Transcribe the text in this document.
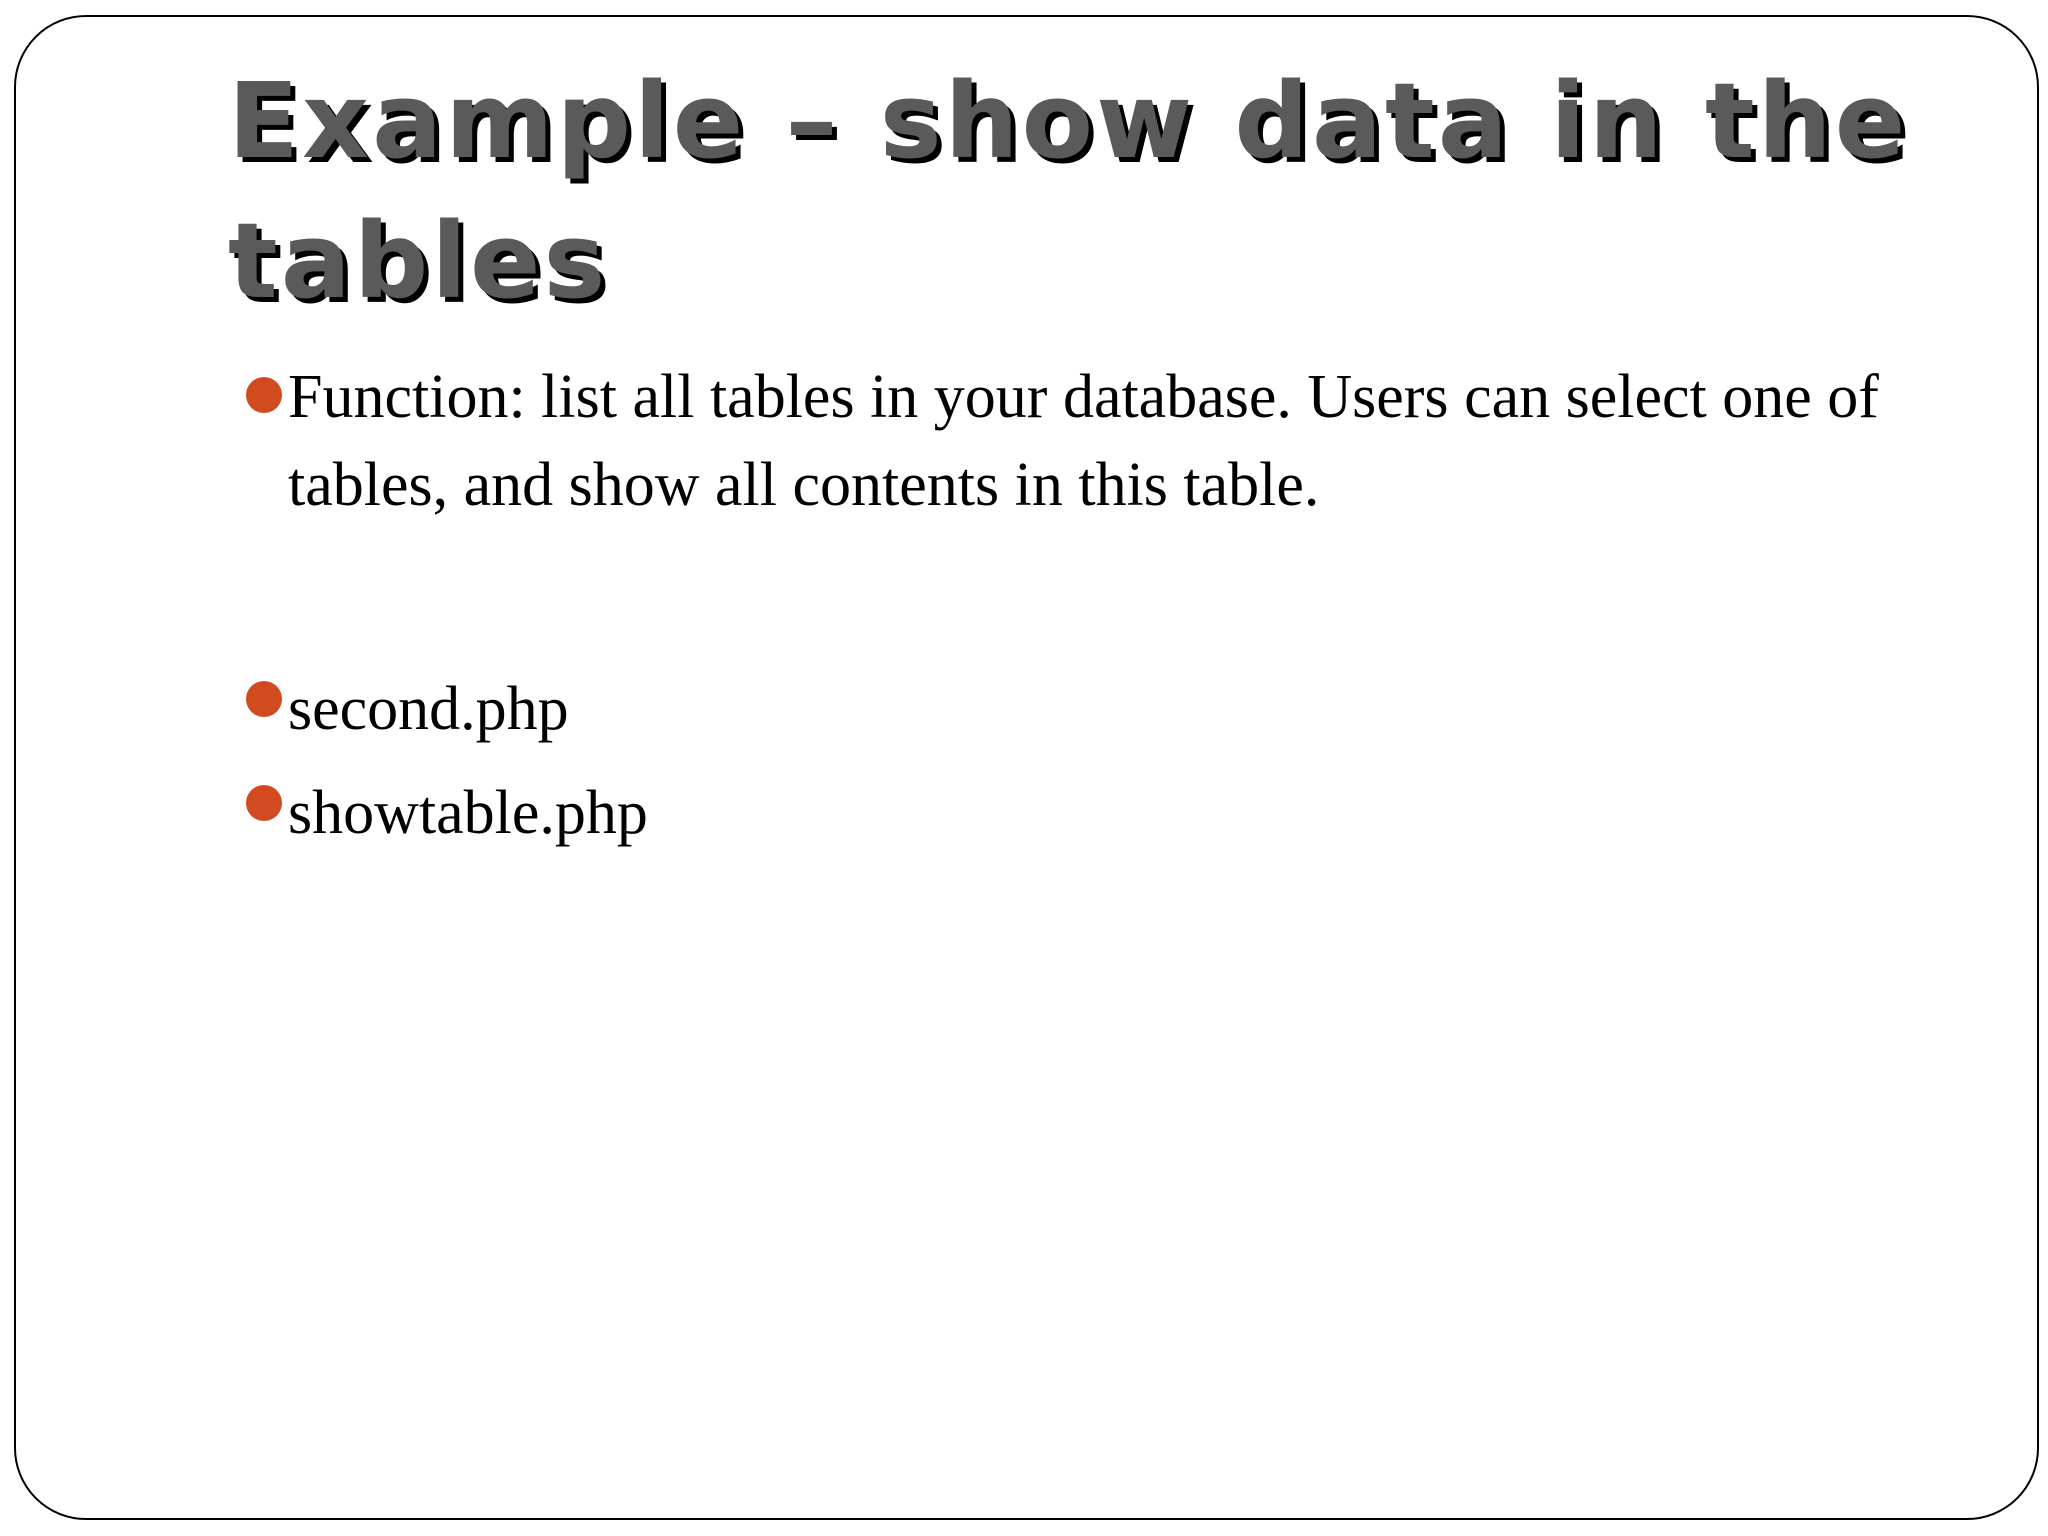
Example – show data in the tables
Function: list all tables in your database. Users can select one of tables, and show all contents in this table.
second.php
showtable.php
